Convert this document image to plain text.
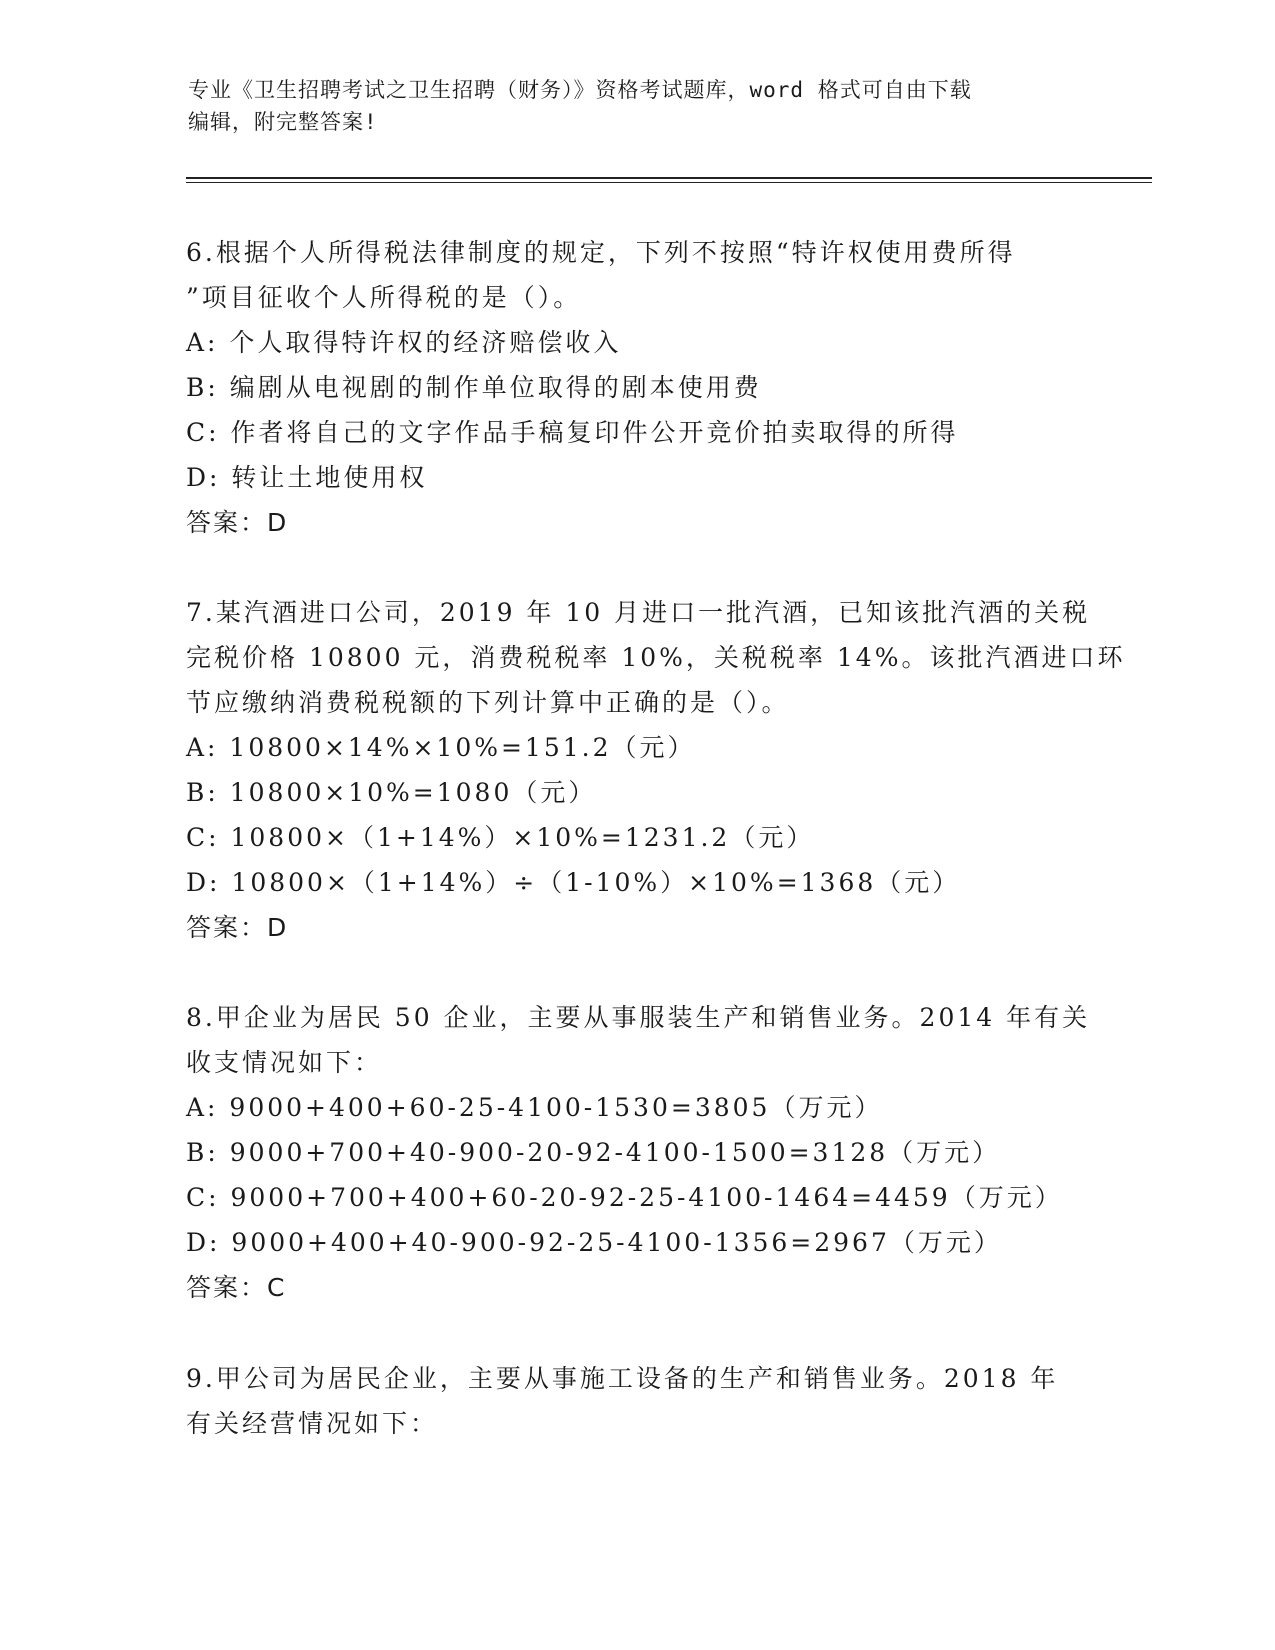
专业《卫生招聘考试之卫生招聘（财务）》资格考试题库，word 格式可自由下载
编辑，附完整答案!
6.根据个人所得税法律制度的规定，下列不按照“特许权使用费所得
”项目征收个人所得税的是（）。
A: 个人取得特许权的经济赔偿收入
B: 编剧从电视剧的制作单位取得的剧本使用费
C: 作者将自己的文字作品手稿复印件公开竞价拍卖取得的所得
D: 转让土地使用权
答案：D
7.某汽酒进口公司，2019 年 10 月进口一批汽酒，已知该批汽酒的关税
完税价格 10800 元，消费税税率 10%，关税税率 14%。该批汽酒进口环
节应缴纳消费税税额的下列计算中正确的是（）。
A: 10800×14%×10%=151.2（元）
B: 10800×10%=1080（元）
C: 10800×（1+14%）×10%=1231.2（元）
D: 10800×（1+14%）÷（1-10%）×10%=1368（元）
答案：D
8.甲企业为居民 50 企业，主要从事服装生产和销售业务。2014 年有关
收支情况如下：
A: 9000+400+60-25-4100-1530=3805（万元）
B: 9000+700+40-900-20-92-4100-1500=3128（万元）
C: 9000+700+400+60-20-92-25-4100-1464=4459（万元）
D: 9000+400+40-900-92-25-4100-1356=2967（万元）
答案：C
9.甲公司为居民企业，主要从事施工设备的生产和销售业务。2018 年
有关经营情况如下：
